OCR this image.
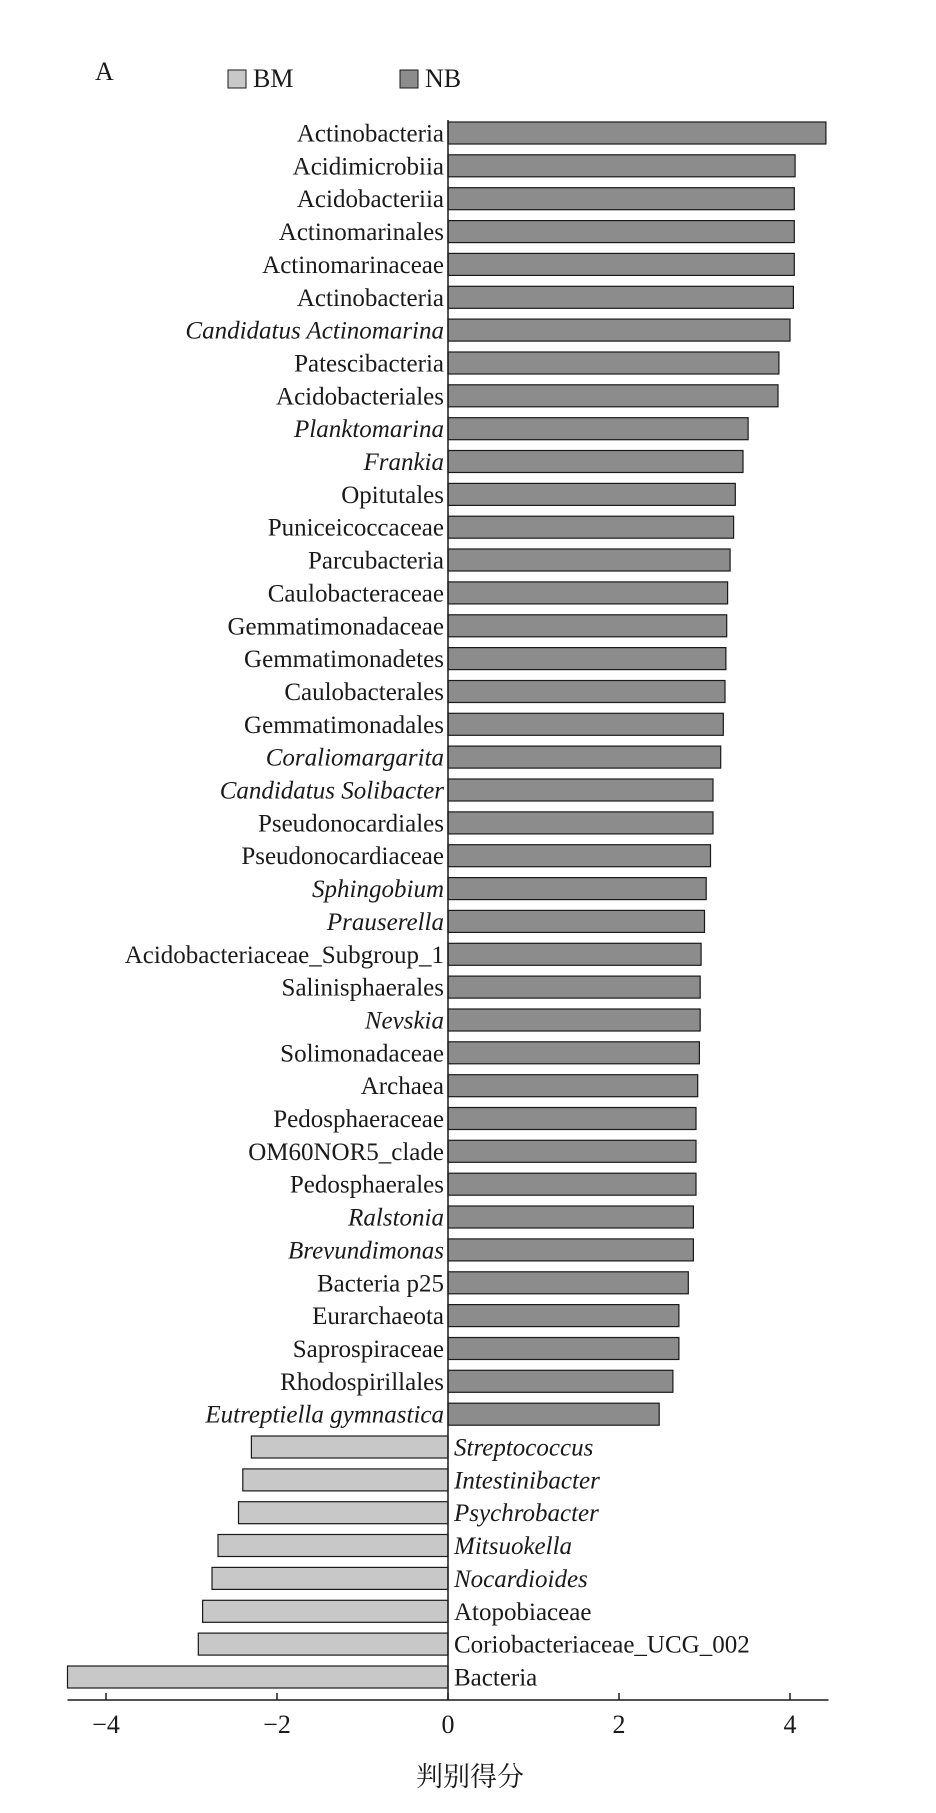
A	BM	NB
Actinobacteria
Acidimicrobiia
Acidobacteriia
Actinomarinales
Actinomarinaceae
Actinobacteria
Candidatus Actinomarina
Patescibacteria
Acidobacteriales
Planktomarina
Frankia
Opitutales
Puniceicoccaceae
Parcubacteria
Caulobacteraceae
Gemmatimonadaceae
Gemmatimonadetes
Caulobacterales
Gemmatimonadales
Coraliomargarita
Candidatus Solibacter
Pseudonocardiales
Pseudonocardiaceae
Sphingobium
Prauserella
Acidobacteriaceae_Subgroup_1
Salinisphaerales
Nevskia
Solimonadaceae
Archaea
Pedosphaeraceae
OM60NOR5_clade
Pedosphaerales
Ralstonia
Brevundimonas
Bacteria p25
Eurarchaeota
Saprospiraceae
Rhodospirillales
Eutreptiella gymnastica
Streptococcus
Intestinibacter
Psychrobacter
Mitsuokella
Nocardioides
Atopobiaceae
Coriobacteriaceae_UCG_002
Bacteria
−4	−2	0	2	4
判别得分
